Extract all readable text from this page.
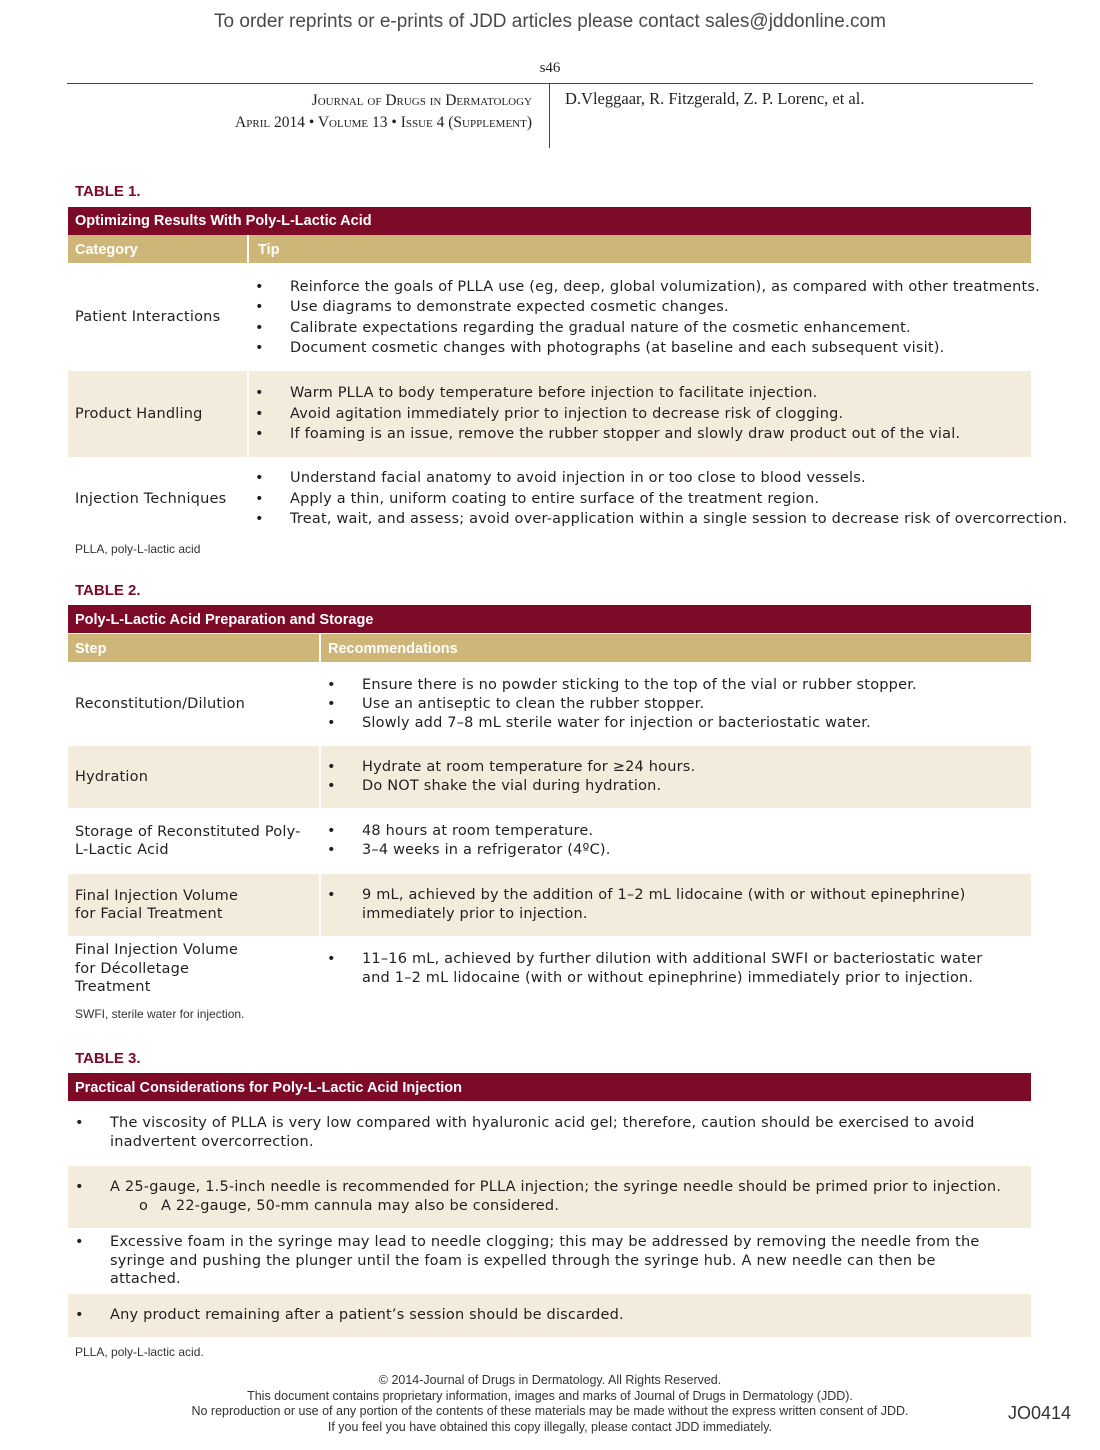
To order reprints or e-prints of JDD articles please contact sales@jddonline.com
s46
Journal of Drugs in Dermatology
April 2014 • Volume 13 • Issue 4 (Supplement)
D.Vleggaar, R. Fitzgerald, Z. P. Lorenc, et al.
TABLE 1.
Optimizing Results With Poly-L-Lactic Acid
Category	Tip
Patient Interactions
• Reinforce the goals of PLLA use (eg, deep, global volumization), as compared with other treatments.
• Use diagrams to demonstrate expected cosmetic changes.
• Calibrate expectations regarding the gradual nature of the cosmetic enhancement.
• Document cosmetic changes with photographs (at baseline and each subsequent visit).
Product Handling
• Warm PLLA to body temperature before injection to facilitate injection.
• Avoid agitation immediately prior to injection to decrease risk of clogging.
• If foaming is an issue, remove the rubber stopper and slowly draw product out of the vial.
Injection Techniques
• Understand facial anatomy to avoid injection in or too close to blood vessels.
• Apply a thin, uniform coating to entire surface of the treatment region.
• Treat, wait, and assess; avoid over-application within a single session to decrease risk of overcorrection.
PLLA, poly-L-lactic acid
TABLE 2.
Poly-L-Lactic Acid Preparation and Storage
Step	Recommendations
Reconstitution/Dilution
• Ensure there is no powder sticking to the top of the vial or rubber stopper.
• Use an antiseptic to clean the rubber stopper.
• Slowly add 7–8 mL sterile water for injection or bacteriostatic water.
Hydration
• Hydrate at room temperature for ≥24 hours.
• Do NOT shake the vial during hydration.
Storage of Reconstituted Poly-L-Lactic Acid
• 48 hours at room temperature.
• 3–4 weeks in a refrigerator (4ºC).
Final Injection Volume for Facial Treatment
• 9 mL, achieved by the addition of 1–2 mL lidocaine (with or without epinephrine) immediately prior to injection.
Final Injection Volume for Décolletage Treatment
• 11–16 mL, achieved by further dilution with additional SWFI or bacteriostatic water and 1–2 mL lidocaine (with or without epinephrine) immediately prior to injection.
SWFI, sterile water for injection.
TABLE 3.
Practical Considerations for Poly-L-Lactic Acid Injection
• The viscosity of PLLA is very low compared with hyaluronic acid gel; therefore, caution should be exercised to avoid inadvertent overcorrection.
• A 25-gauge, 1.5-inch needle is recommended for PLLA injection; the syringe needle should be primed prior to injection.
o A 22-gauge, 50-mm cannula may also be considered.
• Excessive foam in the syringe may lead to needle clogging; this may be addressed by removing the needle from the syringe and pushing the plunger until the foam is expelled through the syringe hub. A new needle can then be attached.
• Any product remaining after a patient’s session should be discarded.
PLLA, poly-L-lactic acid.
© 2014-Journal of Drugs in Dermatology. All Rights Reserved.
This document contains proprietary information, images and marks of Journal of Drugs in Dermatology (JDD).
No reproduction or use of any portion of the contents of these materials may be made without the express written consent of JDD.
If you feel you have obtained this copy illegally, please contact JDD immediately.
JO0414
